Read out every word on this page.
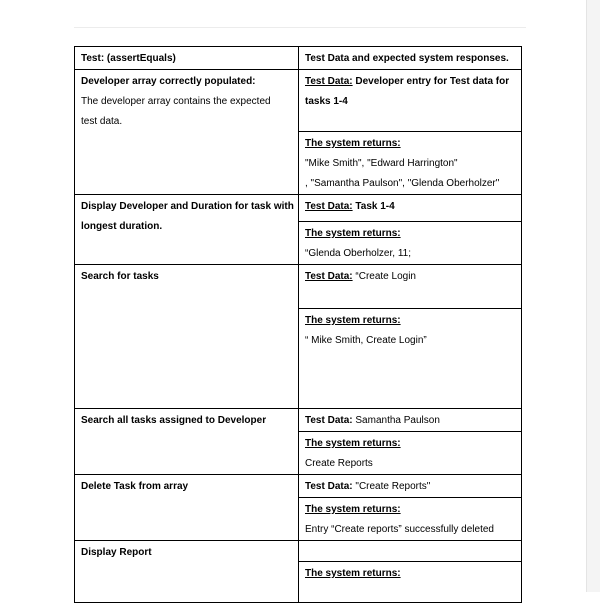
Test: (assertEquals)	Test Data and expected system responses.

Developer array correctly populated:
The developer array contains the expected
test data.	Test Data: Developer entry for Test data for
tasks 1-4

	The system returns:
"Mike Smith", "Edward Harrington"
, "Samantha Paulson", "Glenda Oberholzer"

Display Developer and Duration for task with
longest duration.	Test Data: Task 1-4

	The system returns:
“Glenda Oberholzer, 11;

Search for tasks	Test Data: “Create Login

	The system returns:
“ Mike Smith, Create Login”

Search all tasks assigned to Developer	Test Data: Samantha Paulson

	The system returns:
Create Reports

Delete Task from array	Test Data: "Create Reports"

	The system returns:
Entry “Create reports” successfully deleted

Display Report	

	The system returns:
